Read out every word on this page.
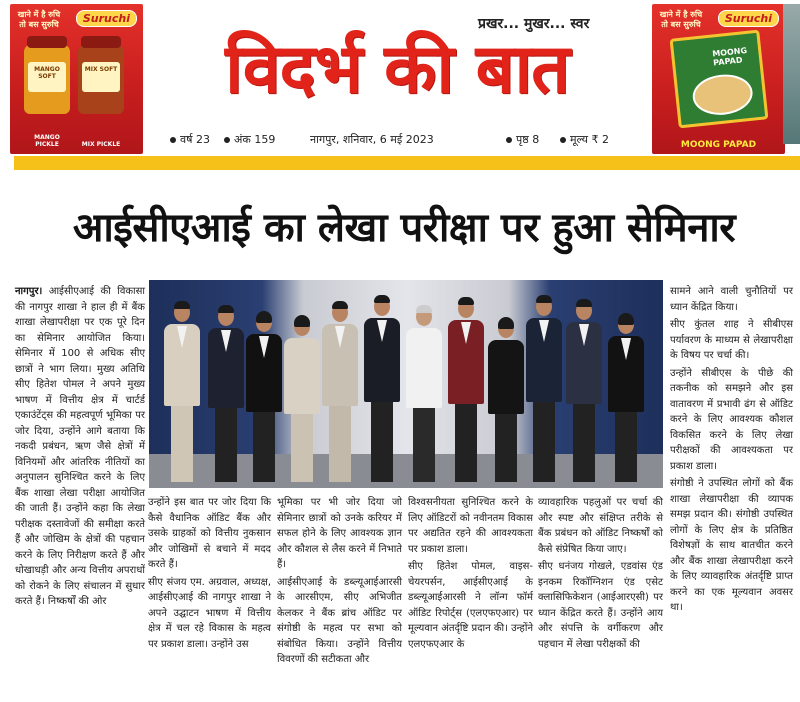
खाने में है रुचि तो बस सुरुचि	Suruchi
MANGO SOFT
MIX SOFT
MANGO PICKLE	MIX PICKLE
प्रखर... मुखर... स्वर
विदर्भ की बात
वर्ष 23	अंक 159	नागपुर, शनिवार, 6 मई 2023	पृष्ठ 8	मूल्य ₹ 2
खाने में है रुचि तो बस सुरुचि	Suruchi
MOONG PAPAD
MOONG PAPAD
आईसीएआई का लेखा परीक्षा पर हुआ सेमिनार

नागपुर। आईसीएआई की विकासा की नागपुर शाखा ने हाल ही में बैंक शाखा लेखापरीक्षा पर एक पूरे दिन का सेमिनार आयोजित किया। सेमिनार में 100 से अधिक सीए छात्रों ने भाग लिया। मुख्य अतिथि सीए हितेश पोमल ने अपने मुख्य भाषण में वित्तीय क्षेत्र में चार्टर्ड एकाउंटेंट्स की महत्वपूर्ण भूमिका पर जोर दिया, उन्होंने आगे बताया कि नकदी प्रबंधन, ऋण जैसे क्षेत्रों में विनियमों और आंतरिक नीतियों का अनुपालन सुनिश्चित करने के लिए बैंक शाखा लेखा परीक्षा आयोजित की जाती हैं। उन्होंने कहा कि लेखा परीक्षक दस्तावेजों की समीक्षा करते हैं और जोखिम के क्षेत्रों की पहचान करने के लिए निरीक्षण करते हैं और धोखाधड़ी और अन्य वित्तीय अपराधों को रोकने के लिए संचालन में सुधार करते हैं। निष्कर्षों की ओर

उन्होंने इस बात पर जोर दिया कि कैसे वैधानिक ऑडिट बैंक और उसके ग्राहकों को वित्तीय नुकसान और जोखिमों से बचाने में मदद करते हैं।

सीए संजय एम. अग्रवाल, अध्यक्ष, आईसीएआई की नागपुर शाखा ने अपने उद्घाटन भाषण में वित्तीय क्षेत्र में चल रहे विकास के महत्व पर प्रकाश डाला। उन्होंने उस

भूमिका पर भी जोर दिया जो सेमिनार छात्रों को उनके करियर में सफल होने के लिए आवश्यक ज्ञान और कौशल से लैस करने में निभाते हैं।

आईसीएआई के डब्ल्यूआईआरसी के आरसीएम, सीए अभिजीत केलकर ने बैंक ब्रांच ऑडिट पर संगोष्ठी के महत्व पर सभा को संबोधित किया। उन्होंने वित्तीय विवरणों की सटीकता और

विश्वसनीयता सुनिश्चित करने के लिए ऑडिटरों को नवीनतम विकास पर अद्यतित रहने की आवश्यकता पर प्रकाश डाला।

सीए हितेश पोमल, वाइस-चेयरपर्सन, आईसीएआई के डब्ल्यूआईआरसी ने लॉन्ग फॉर्म ऑडिट रिपोर्ट्स (एलएफएआर) पर मूल्यवान अंतर्दृष्टि प्रदान की। उन्होंने एलएफएआर के

व्यावहारिक पहलुओं पर चर्चा की और स्पष्ट और संक्षिप्त तरीके से बैंक प्रबंधन को ऑडिट निष्कर्षों को कैसे संप्रेषित किया जाए।

सीए धनंजय गोखले, एडवांस एंड इनकम रिकॉग्निशन एंड एसेट क्लासिफिकेशन (आईआरएसी) पर ध्यान केंद्रित करते हैं। उन्होंने आय और संपत्ति के वर्गीकरण और पहचान में लेखा परीक्षकों की

सामने आने वाली चुनौतियों पर ध्यान केंद्रित किया।

सीए कुंतल शाह ने सीबीएस पर्यावरण के माध्यम से लेखापरीक्षा के विषय पर चर्चा की।

उन्होंने सीबीएस के पीछे की तकनीक को समझने और इस वातावरण में प्रभावी ढंग से ऑडिट करने के लिए आवश्यक कौशल विकसित करने के लिए लेखा परीक्षकों की आवश्यकता पर प्रकाश डाला।

संगोष्ठी ने उपस्थित लोगों को बैंक शाखा लेखापरीक्षा की व्यापक समझ प्रदान की। संगोष्ठी उपस्थित लोगों के लिए क्षेत्र के प्रतिष्ठित विशेषज्ञों के साथ बातचीत करने और बैंक शाखा लेखापरीक्षा करने के लिए व्यावहारिक अंतर्दृष्टि प्राप्त करने का एक मूल्यवान अवसर था।
